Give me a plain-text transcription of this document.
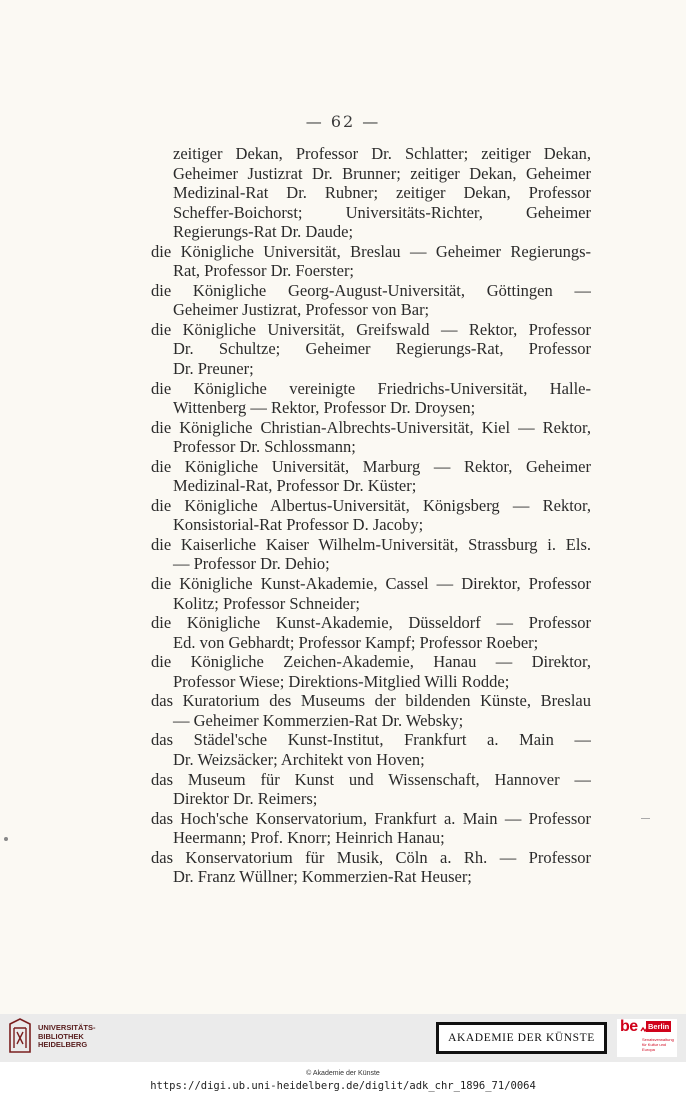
— 62 —
zeitiger Dekan, Professor Dr. Schlatter; zeitiger Dekan,
Geheimer Justizrat Dr. Brunner; zeitiger Dekan, Geheimer
Medizinal-Rat Dr. Rubner; zeitiger Dekan, Professor
Scheffer-Boichorst; Universitäts-Richter, Geheimer
Regierungs-Rat Dr. Daude;
die Königliche Universität, Breslau — Geheimer Regierungs-
Rat, Professor Dr. Foerster;
die Königliche Georg-August-Universität, Göttingen —
Geheimer Justizrat, Professor von Bar;
die Königliche Universität, Greifswald — Rektor, Professor
Dr. Schultze; Geheimer Regierungs-Rat, Professor
Dr. Preuner;
die Königliche vereinigte Friedrichs-Universität, Halle-
Wittenberg — Rektor, Professor Dr. Droysen;
die Königliche Christian-Albrechts-Universität, Kiel — Rektor,
Professor Dr. Schlossmann;
die Königliche Universität, Marburg — Rektor, Geheimer
Medizinal-Rat, Professor Dr. Küster;
die Königliche Albertus-Universität, Königsberg — Rektor,
Konsistorial-Rat Professor D. Jacoby;
die Kaiserliche Kaiser Wilhelm-Universität, Strassburg i. Els.
— Professor Dr. Dehio;
die Königliche Kunst-Akademie, Cassel — Direktor, Professor
Kolitz; Professor Schneider;
die Königliche Kunst-Akademie, Düsseldorf — Professor
Ed. von Gebhardt; Professor Kampf; Professor Roeber;
die Königliche Zeichen-Akademie, Hanau — Direktor,
Professor Wiese; Direktions-Mitglied Willi Rodde;
das Kuratorium des Museums der bildenden Künste, Breslau
— Geheimer Kommerzien-Rat Dr. Websky;
das Städel'sche Kunst-Institut, Frankfurt a. Main —
Dr. Weizsäcker; Architekt von Hoven;
das Museum für Kunst und Wissenschaft, Hannover —
Direktor Dr. Reimers;
das Hoch'sche Konservatorium, Frankfurt a. Main — Professor
Heermann; Prof. Knorr; Heinrich Hanau;
das Konservatorium für Musik, Cöln a. Rh. — Professor
Dr. Franz Wüllner; Kommerzien-Rat Heuser;
UNIVERSITÄTS-
BIBLIOTHEK
HEIDELBERG
AKADEMIE DER KÜNSTE
be Berlin
Senatsverwaltung für Kultur und Europa
© Akademie der Künste
https://digi.ub.uni-heidelberg.de/diglit/adk_chr_1896_71/0064
